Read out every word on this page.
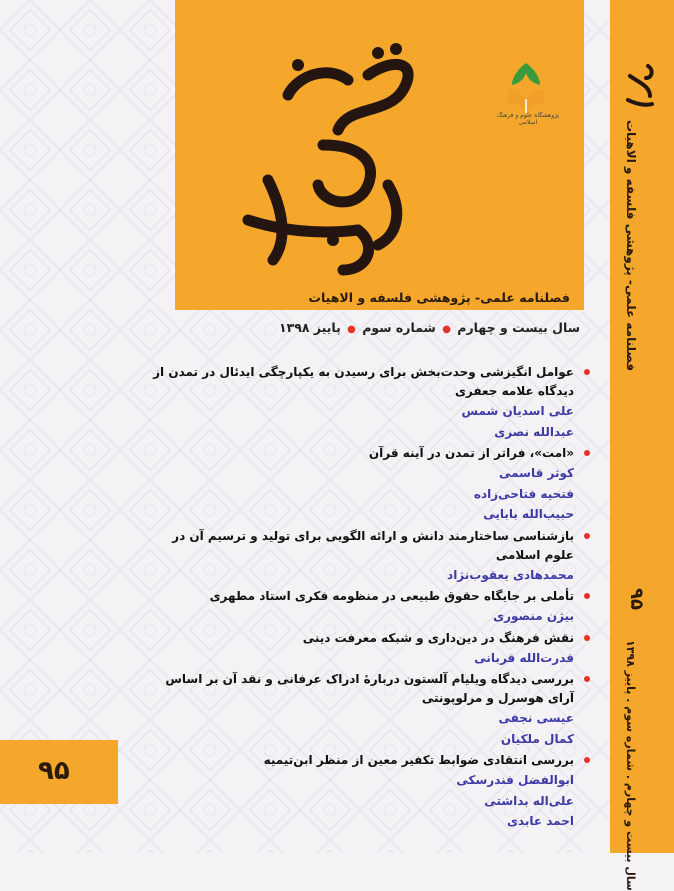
فصلنامه علمی- پژوهشی فلسفه و الاهیات
پژوهشگاه علوم و فرهنگ اسلامی
سال بیست و چهارم ● شماره سوم ● پاییز ۱۳۹۸
عوامل انگیزشی وحدت‌بخش برای رسیدن به یکپارچگی ایدئال در تمدن از دیدگاه علامه جعفری
علی اسدیان شمس
عبدالله نصری
«امت»، فراتر از تمدن در آینه قرآن
کوثر قاسمی
فتحیه فتاحی‌زاده
حبیب‌الله بابایی
بازشناسی ساختارمند دانش و ارائه الگویی برای تولید و ترسیم آن در علوم اسلامی
محمدهادی یعقوب‌نژاد
تأملی بر جایگاه حقوق طبیعی در منظومه فکری استاد مطهری
بیژن منصوری
نقش فرهنگ در دین‌داری و شبکه معرفت دینی
قدرت‌الله قربانی
بررسی دیدگاه ویلیام آلستون دربارهٔ ادراک عرفانی و نقد آن بر اساس آرای هوسرل و مرلوپونتی
عیسی نجفی
کمال ملکیان
بررسی انتقادی ضوابط تکفیر معین از منظر ابن‌تیمیه
ابوالفضل فندرسکی
علی‌اله بداشتی
احمد عابدی
فصلنامه علمی- پژوهشی فلسفه و الاهیات
۹۵
سال بیست و چهارم . شماره سوم . پاییز ۱۳۹۸
۹۵
